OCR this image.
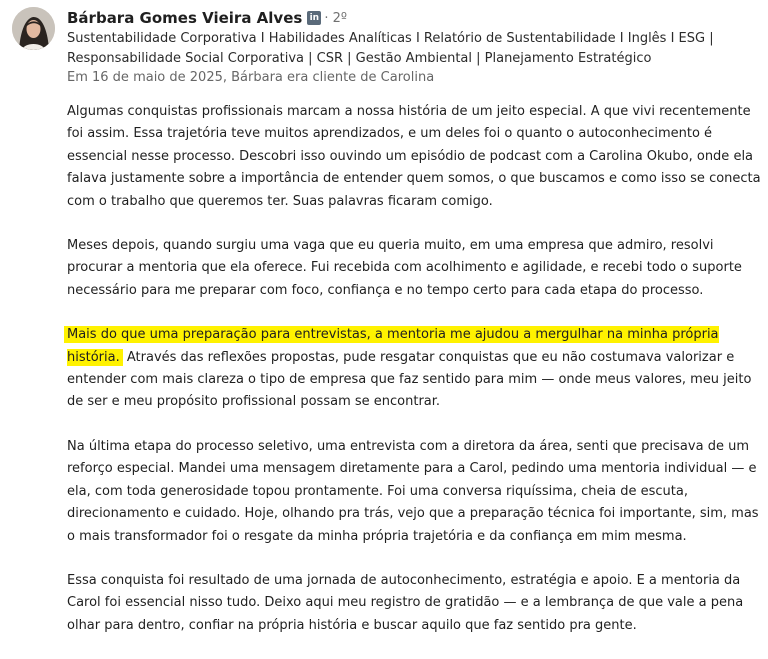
Bárbara Gomes Vieira Alves in · 2º
Sustentabilidade Corporativa I Habilidades Analíticas I Relatório de Sustentabilidade I Inglês I ESG | Responsabilidade Social Corporativa | CSR | Gestão Ambiental | Planejamento Estratégico
Em 16 de maio de 2025, Bárbara era cliente de Carolina

Algumas conquistas profissionais marcam a nossa história de um jeito especial. A que vivi recentemente foi assim. Essa trajetória teve muitos aprendizados, e um deles foi o quanto o autoconhecimento é essencial nesse processo. Descobri isso ouvindo um episódio de podcast com a Carolina Okubo, onde ela falava justamente sobre a importância de entender quem somos, o que buscamos e como isso se conecta com o trabalho que queremos ter. Suas palavras ficaram comigo.

Meses depois, quando surgiu uma vaga que eu queria muito, em uma empresa que admiro, resolvi procurar a mentoria que ela oferece. Fui recebida com acolhimento e agilidade, e recebi todo o suporte necessário para me preparar com foco, confiança e no tempo certo para cada etapa do processo.

Mais do que uma preparação para entrevistas, a mentoria me ajudou a mergulhar na minha própria história. Através das reflexões propostas, pude resgatar conquistas que eu não costumava valorizar e entender com mais clareza o tipo de empresa que faz sentido para mim — onde meus valores, meu jeito de ser e meu propósito profissional possam se encontrar.

Na última etapa do processo seletivo, uma entrevista com a diretora da área, senti que precisava de um reforço especial. Mandei uma mensagem diretamente para a Carol, pedindo uma mentoria individual — e ela, com toda generosidade topou prontamente. Foi uma conversa riquíssima, cheia de escuta, direcionamento e cuidado. Hoje, olhando pra trás, vejo que a preparação técnica foi importante, sim, mas o mais transformador foi o resgate da minha própria trajetória e da confiança em mim mesma.

Essa conquista foi resultado de uma jornada de autoconhecimento, estratégia e apoio. E a mentoria da Carol foi essencial nisso tudo. Deixo aqui meu registro de gratidão — e a lembrança de que vale a pena olhar para dentro, confiar na própria história e buscar aquilo que faz sentido pra gente.
